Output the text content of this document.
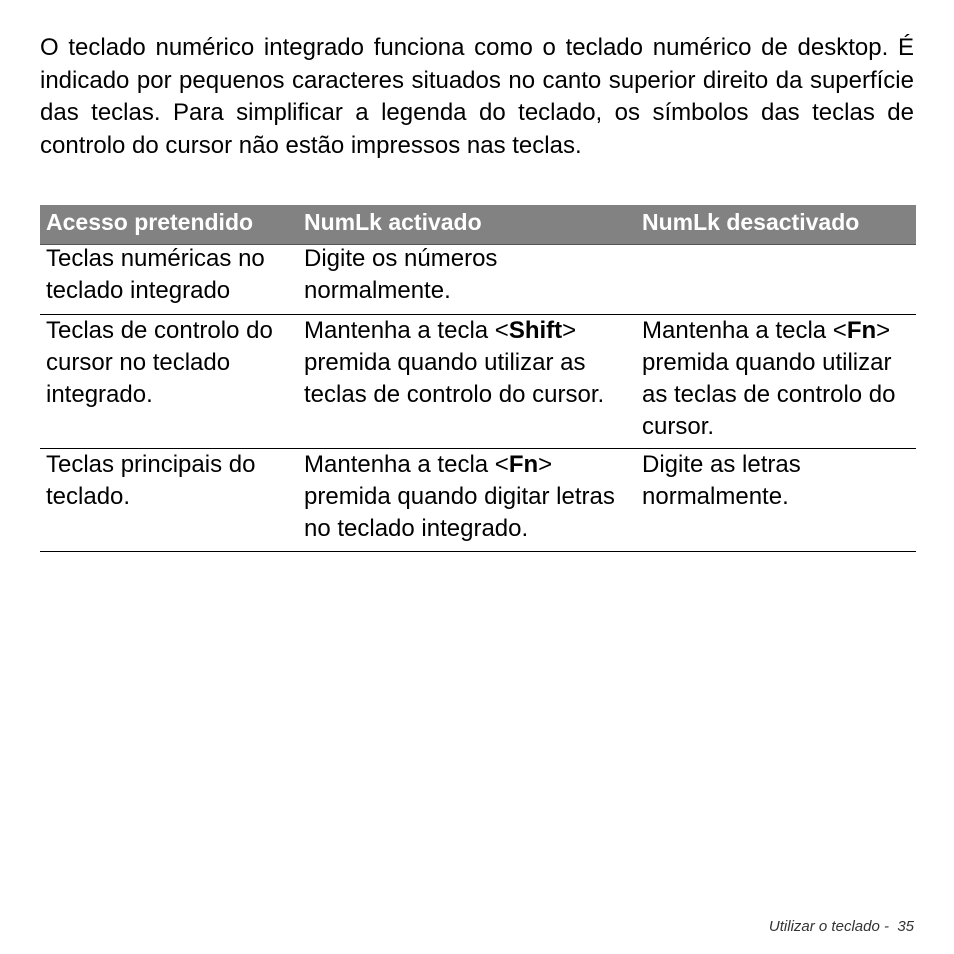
O teclado numérico integrado funciona como o teclado numérico de desktop. É indicado por pequenos caracteres situados no canto superior direito da superfície das teclas. Para simplificar a legenda do teclado, os símbolos das teclas de controlo do cursor não estão impressos nas teclas.

Acesso pretendido	NumLk activado	NumLk desactivado
Teclas numéricas no teclado integrado
Digite os números normalmente.
Teclas de controlo do cursor no teclado integrado.
Mantenha a tecla <Shift> premida quando utilizar as teclas de controlo do cursor.
Mantenha a tecla <Fn> premida quando utilizar as teclas de controlo do cursor.
Teclas principais do teclado.
Mantenha a tecla <Fn> premida quando digitar letras no teclado integrado.
Digite as letras normalmente.
Utilizar o teclado - 35
